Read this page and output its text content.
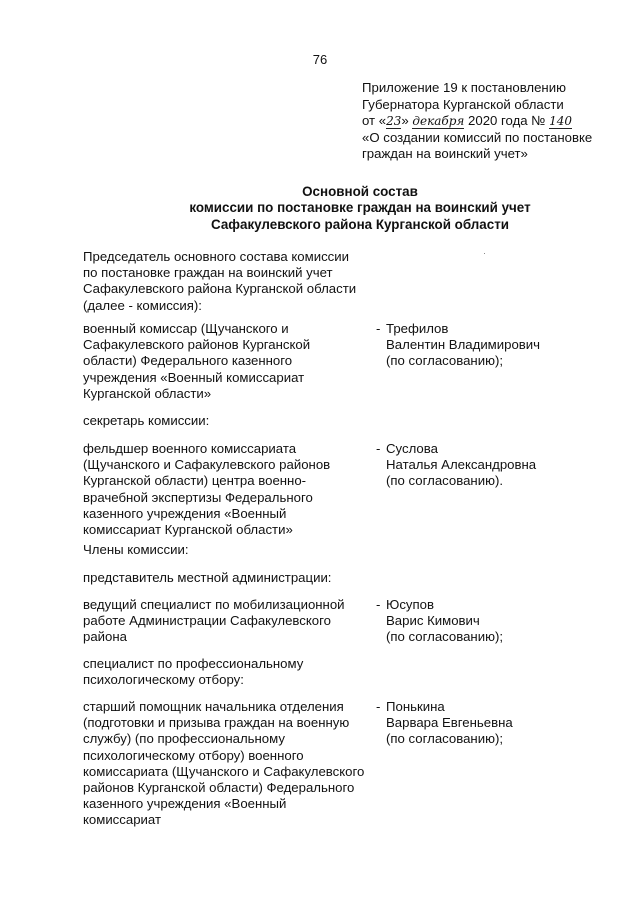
76
Приложение 19 к постановлению
Губернатора Курганской области
от «23» декабря 2020 года № 140
«О создании комиссий по постановке
граждан на воинский учет»
Основной состав
комиссии по постановке граждан на воинский учет
Сафакулевского района Курганской области
·
Председатель основного состава комиссии по постановке граждан на воинский учет Сафакулевского района Курганской области (далее - комиссия):
военный комиссар (Щучанского и Сафакулевского районов Курганской области) Федерального казенного учреждения «Военный комиссариат Курганской области»
- Трефилов
Валентин Владимирович
(по согласованию);
секретарь комиссии:
фельдшер военного комиссариата (Щучанского и Сафакулевского районов Курганской области) центра военно-врачебной экспертизы Федерального казенного учреждения «Военный комиссариат Курганской области»
- Суслова
Наталья Александровна
(по согласованию).
Члены комиссии:
представитель местной администрации:
ведущий специалист по мобилизационной работе Администрации Сафакулевского района
- Юсупов
Варис Кимович
(по согласованию);
специалист по профессиональному психологическому отбору:
старший помощник начальника отделения (подготовки и призыва граждан на военную службу) (по профессиональному психологическому отбору) военного комиссариата (Щучанского и Сафакулевского районов Курганской области) Федерального казенного учреждения «Военный комиссариат
- Понькина
Варвара Евгеньевна
(по согласованию);
